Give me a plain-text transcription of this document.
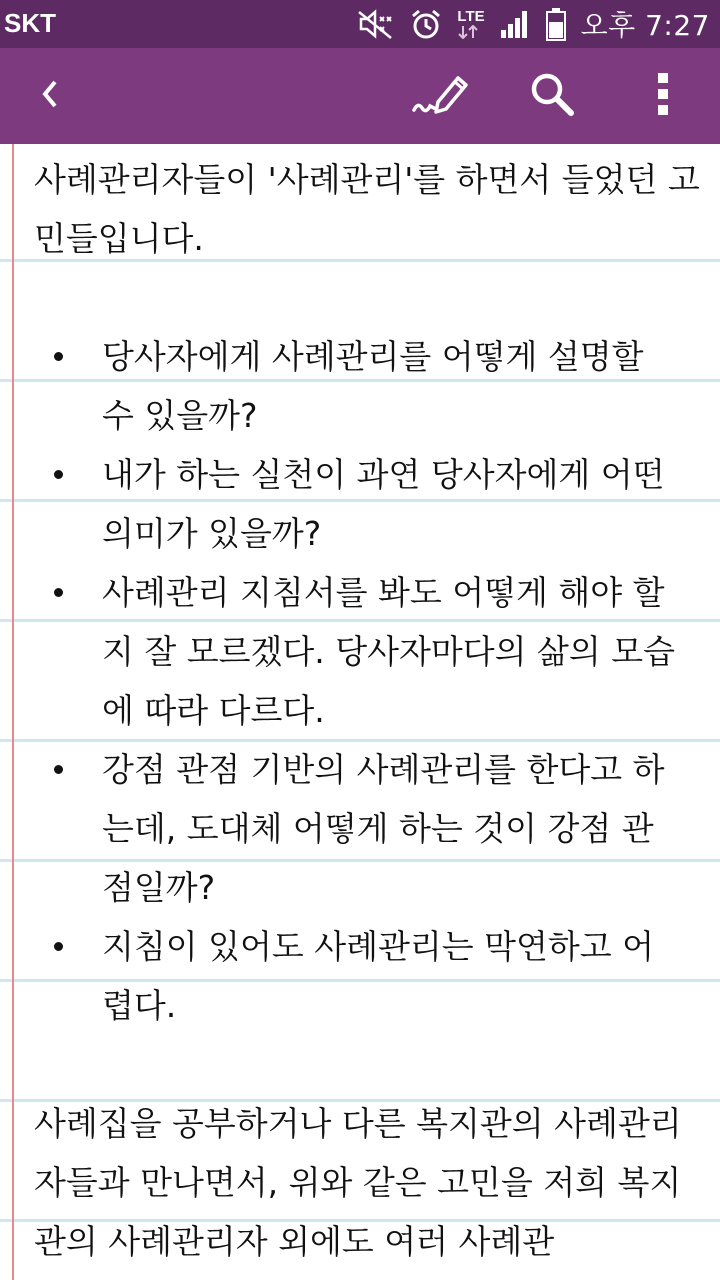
SKT	LTE	오후 7:27

사례관리자들이 '사례관리'를 하면서 들었던 고민들입니다.

당사자에게 사례관리를 어떻게 설명할 수 있을까?
내가 하는 실천이 과연 당사자에게 어떤 의미가 있을까?
사례관리 지침서를 봐도 어떻게 해야 할 지 잘 모르겠다. 당사자마다의 삶의 모습에 따라 다르다.
강점 관점 기반의 사례관리를 한다고 하는데, 도대체 어떻게 하는 것이 강점 관점일까?
지침이 있어도 사례관리는 막연하고 어렵다.

사례집을 공부하거나 다른 복지관의 사례관리자들과 만나면서, 위와 같은 고민을 저희 복지관의 사례관리자 외에도 여러 사례관
